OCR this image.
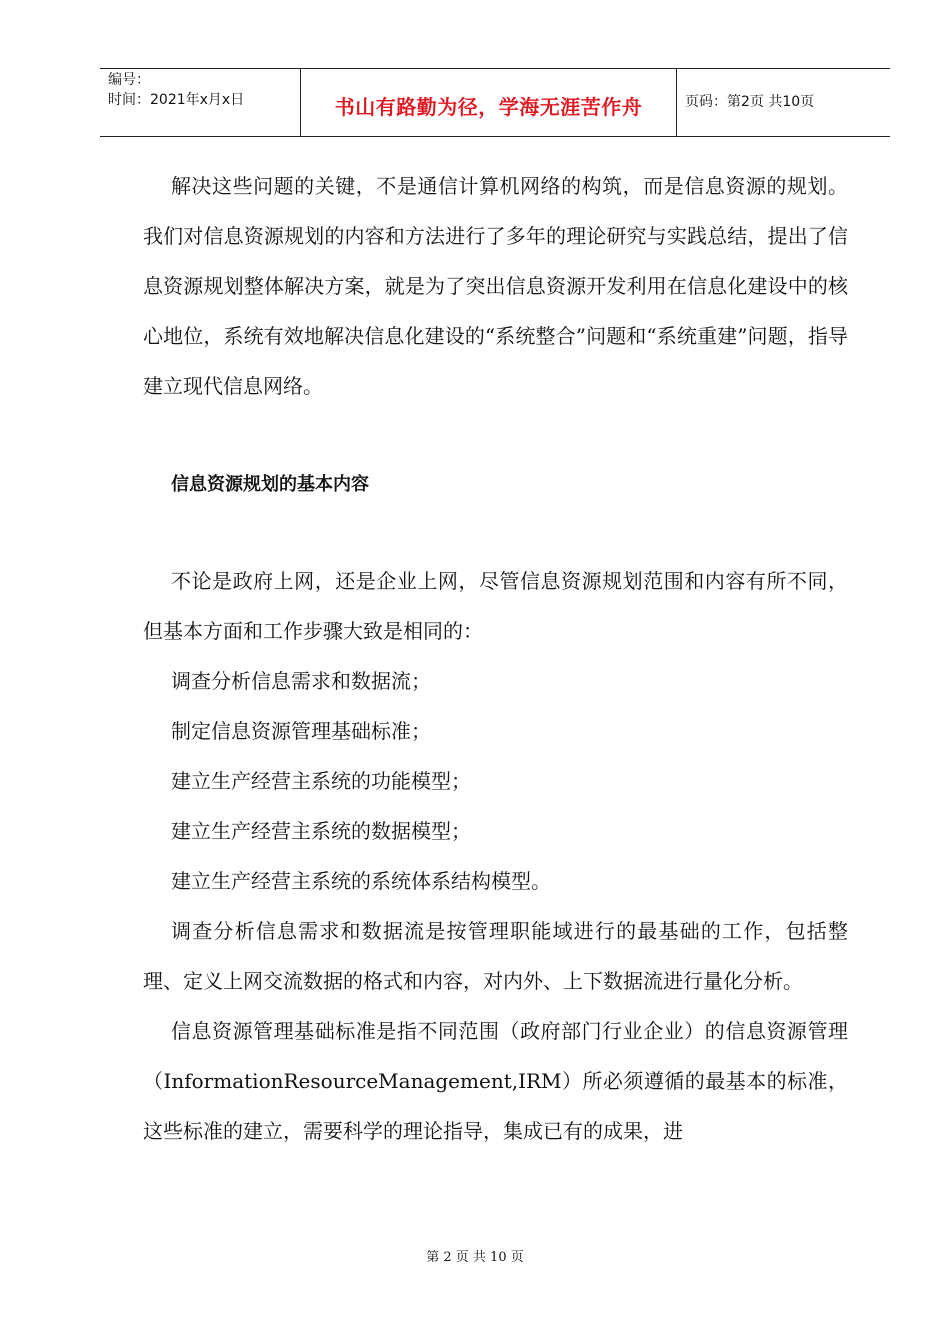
编号：
时间：2021年x月x日	书山有路勤为径，学海无涯苦作舟	页码：第2页 共10页

解决这些问题的关键，不是通信计算机网络的构筑，而是信息资源的规划。我们对信息资源规划的内容和方法进行了多年的理论研究与实践总结，提出了信息资源规划整体解决方案，就是为了突出信息资源开发利用在信息化建设中的核心地位，系统有效地解决信息化建设的“系统整合”问题和“系统重建”问题，指导建立现代信息网络。

信息资源规划的基本内容

不论是政府上网，还是企业上网，尽管信息资源规划范围和内容有所不同，但基本方面和工作步骤大致是相同的：

调查分析信息需求和数据流；

制定信息资源管理基础标准；

建立生产经营主系统的功能模型；

建立生产经营主系统的数据模型；

建立生产经营主系统的系统体系结构模型。

调查分析信息需求和数据流是按管理职能域进行的最基础的工作，包括整理、定义上网交流数据的格式和内容，对内外、上下数据流进行量化分析。

信息资源管理基础标准是指不同范围（政府部门行业企业）的信息资源管理（InformationResourceManagement,IRM）所必须遵循的最基本的标准，这些标准的建立，需要科学的理论指导，集成已有的成果，进

第 2 页 共 10 页
